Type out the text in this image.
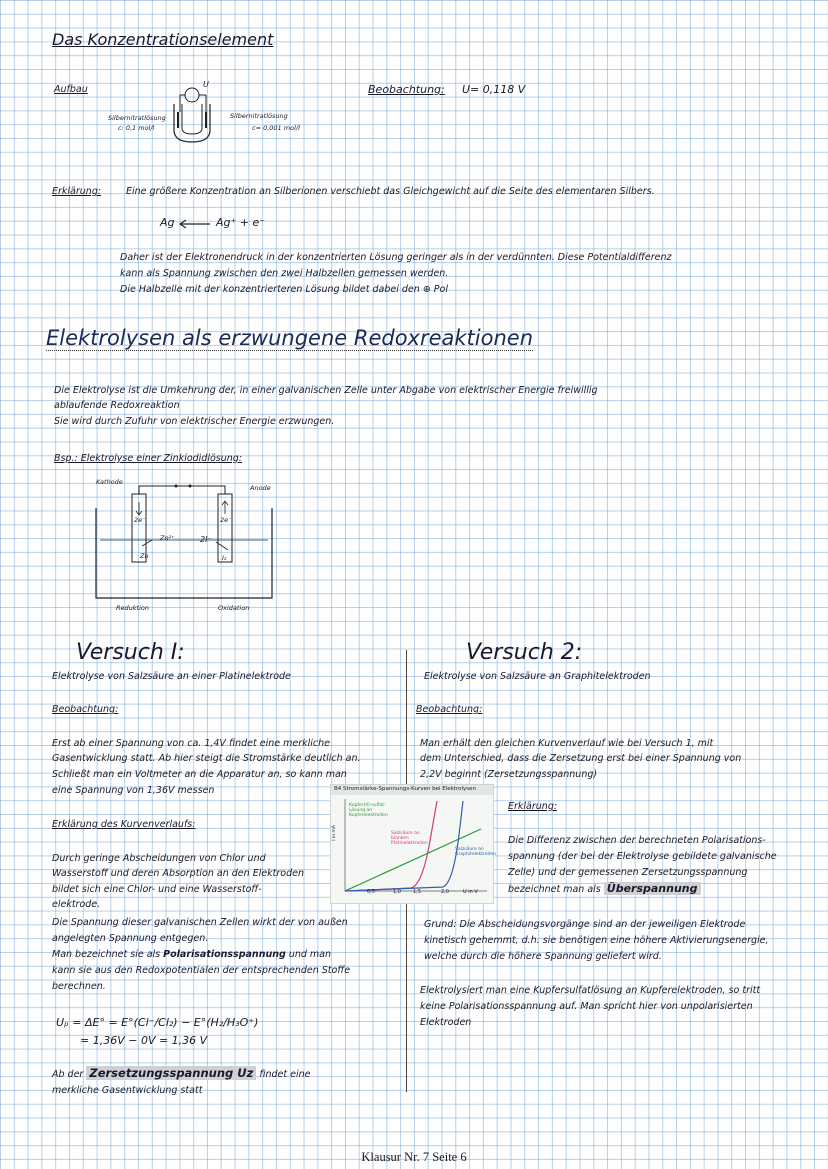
Das Konzentrationselement
Aufbau	Beobachtung: U= 0,118 V
U
Silbernitratlösung
c: 0,1 mol/l
Silbernitratlösung
c= 0,001 mol/l
Erklärung:	Eine größere Konzentration an Silberionen verschiebt das Gleichgewicht auf die Seite des elementaren Silbers.
Ag	Ag⁺ + e⁻
Daher ist der Elektronendruck in der konzentrierten Lösung geringer als in der verdünnten. Diese Potentialdifferenz
kann als Spannung zwischen den zwei Halbzellen gemessen werden.
Die Halbzelle mit der konzentrierteren Lösung bildet dabei den ⊕ Pol
Elektrolysen als erzwungene Redoxreaktionen
Die Elektrolyse ist die Umkehrung der, in einer galvanischen Zelle unter Abgabe von elektrischer Energie freiwillig
ablaufende Redoxreaktion
Sie wird durch Zufuhr von elektrischer Energie erzwungen.
Bsp.: Elektrolyse einer Zinkiodidlösung:
Kathode
Anode
2e⁻
Zn²⁺
Zn
2I⁻
2e⁻
I₂
Reduktion	Oxidation
Versuch I:
Elektrolyse von Salzsäure an einer Platinelektrode
Beobachtung:
Erst ab einer Spannung von ca. 1,4V findet eine merkliche
Gasentwicklung statt. Ab hier steigt die Stromstärke deutlich an.
Schließt man ein Voltmeter an die Apparatur an, so kann man
eine Spannung von 1,36V messen
Erklärung des Kurvenverlaufs:
Durch geringe Abscheidungen von Chlor und
Wasserstoff und deren Absorption an den Elektroden
bildet sich eine Chlor- und eine Wasserstoff-
elektrode.
Die Spannung dieser galvanischen Zellen wirkt der von außen
angelegten Spannung entgegen.
Man bezeichnet sie als Polarisationsspannung und man
kann sie aus den Redoxpotentialen der entsprechenden Stoffe
berechnen.
Uₚ = ΔE° = E°(Cl⁻/Cl₂) − E°(H₂/H₃O⁺)
= 1,36V − 0V = 1,36 V
Ab der Zersetzungsspannung Uz findet eine
merkliche Gasentwicklung statt
B4 Stromstärke-Spannungs-Kurven bei Elektrolysen
I in mA
Kupfer(II)-sulfat-Lösung an Kupferelektroden
Salzsäure an blanken Platinelektroden
Salzsäure an Graphitelektroden
0,5	1,0 1,5	2,0	U in V
Versuch 2:
Elektrolyse von Salzsäure an Graphitelektroden
Beobachtung:
Man erhält den gleichen Kurvenverlauf wie bei Versuch 1, mit
dem Unterschied, dass die Zersetzung erst bei einer Spannung von
2,2V beginnt (Zersetzungsspannung)
Erklärung:
Die Differenz zwischen der berechneten Polarisations-
spannung (der bei der Elektrolyse gebildete galvanische
Zelle) und der gemessenen Zersetzungsspannung
bezeichnet man als Überspannung
Grund: Die Abscheidungsvorgänge sind an der jeweiligen Elektrode
kinetisch gehemmt, d.h. sie benötigen eine höhere Aktivierungsenergie,
welche durch die höhere Spannung geliefert wird.
Elektrolysiert man eine Kupfersulfatlösung an Kupferelektroden, so tritt
keine Polarisationsspannung auf. Man spricht hier von unpolarisierten
Elektroden
Klausur Nr. 7 Seite 6
